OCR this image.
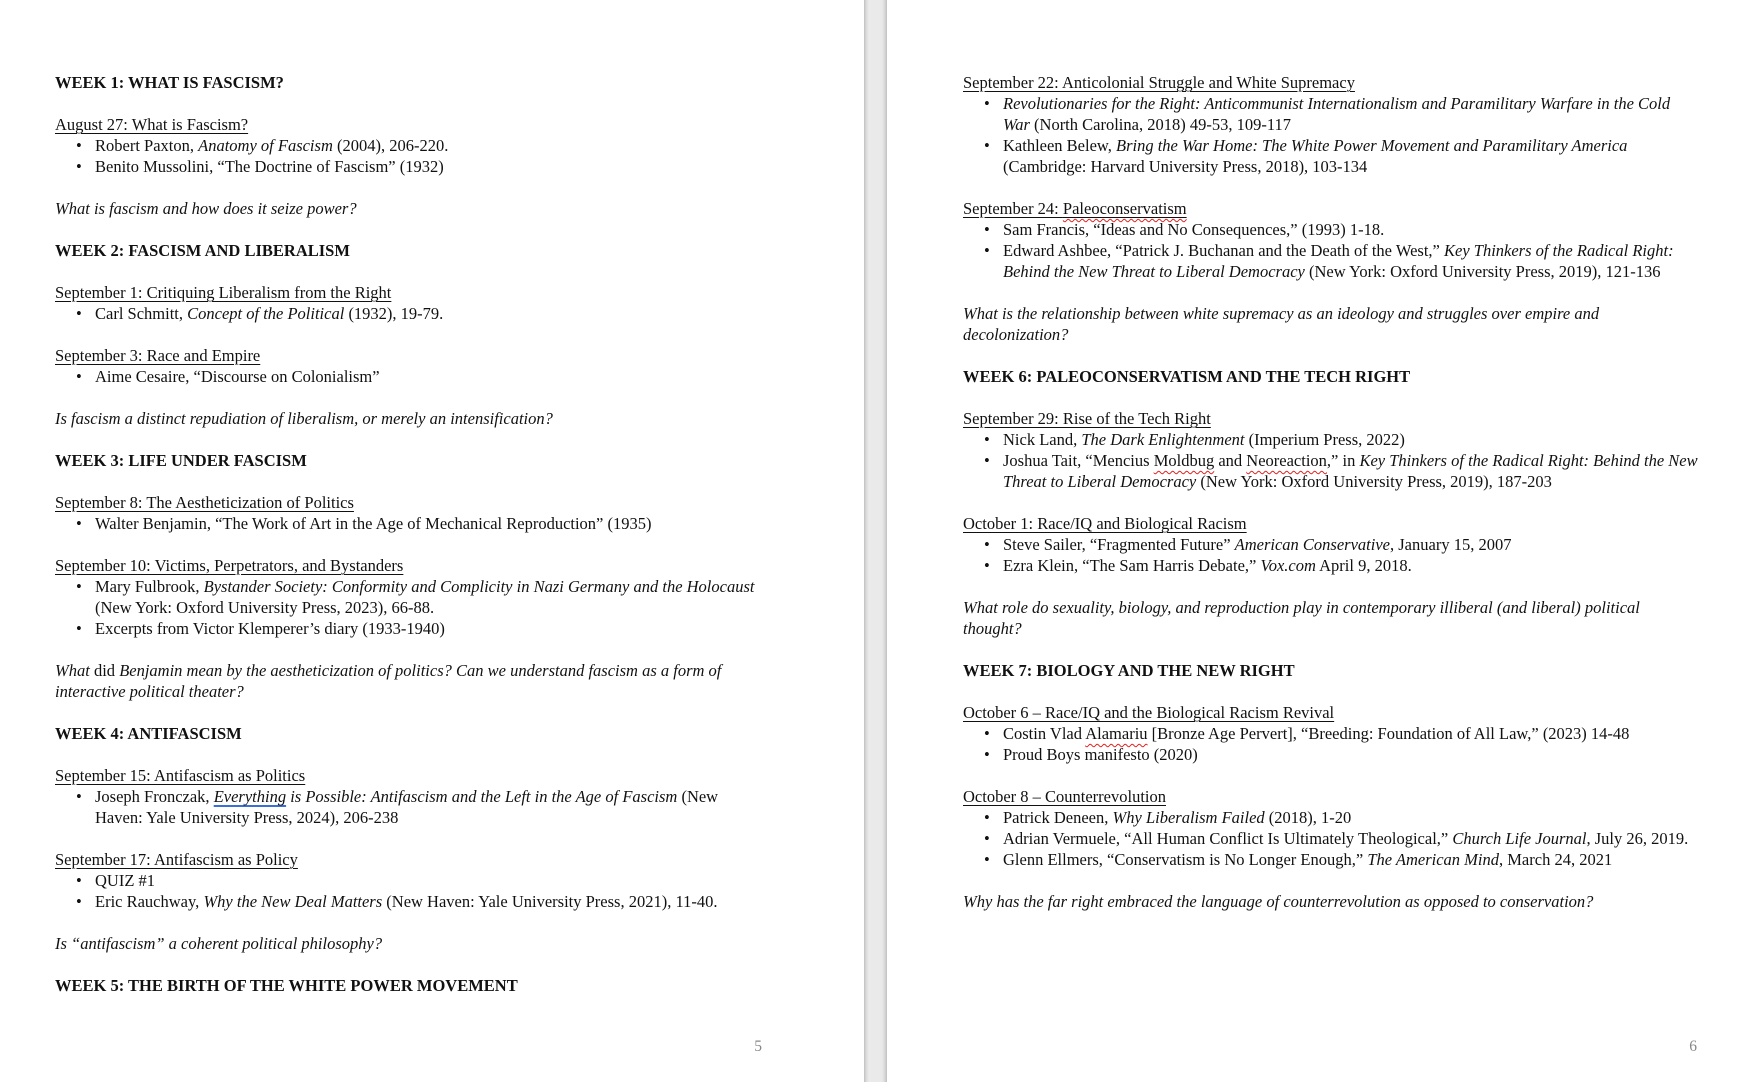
WEEK 1: WHAT IS FASCISM?
August 27: What is Fascism?
• Robert Paxton, Anatomy of Fascism (2004), 206-220.
• Benito Mussolini, “The Doctrine of Fascism” (1932)
What is fascism and how does it seize power?
WEEK 2: FASCISM AND LIBERALISM
September 1: Critiquing Liberalism from the Right
• Carl Schmitt, Concept of the Political (1932), 19-79.
September 3: Race and Empire
• Aime Cesaire, “Discourse on Colonialism”
Is fascism a distinct repudiation of liberalism, or merely an intensification?
WEEK 3: LIFE UNDER FASCISM
September 8: The Aestheticization of Politics
• Walter Benjamin, “The Work of Art in the Age of Mechanical Reproduction” (1935)
September 10: Victims, Perpetrators, and Bystanders
• Mary Fulbrook, Bystander Society: Conformity and Complicity in Nazi Germany and the Holocaust (New York: Oxford University Press, 2023), 66-88.
• Excerpts from Victor Klemperer’s diary (1933-1940)
What did Benjamin mean by the aestheticization of politics? Can we understand fascism as a form of interactive political theater?
WEEK 4: ANTIFASCISM
September 15: Antifascism as Politics
• Joseph Fronczak, Everything is Possible: Antifascism and the Left in the Age of Fascism (New Haven: Yale University Press, 2024), 206-238
September 17: Antifascism as Policy
• QUIZ #1
• Eric Rauchway, Why the New Deal Matters (New Haven: Yale University Press, 2021), 11-40.
Is “antifascism” a coherent political philosophy?
WEEK 5: THE BIRTH OF THE WHITE POWER MOVEMENT
September 22: Anticolonial Struggle and White Supremacy
• Revolutionaries for the Right: Anticommunist Internationalism and Paramilitary Warfare in the Cold War (North Carolina, 2018) 49-53, 109-117
• Kathleen Belew, Bring the War Home: The White Power Movement and Paramilitary America (Cambridge: Harvard University Press, 2018), 103-134
September 24: Paleoconservatism
• Sam Francis, “Ideas and No Consequences,” (1993) 1-18.
• Edward Ashbee, “Patrick J. Buchanan and the Death of the West,” Key Thinkers of the Radical Right: Behind the New Threat to Liberal Democracy (New York: Oxford University Press, 2019), 121-136
What is the relationship between white supremacy as an ideology and struggles over empire and decolonization?
WEEK 6: PALEOCONSERVATISM AND THE TECH RIGHT
September 29: Rise of the Tech Right
• Nick Land, The Dark Enlightenment (Imperium Press, 2022)
• Joshua Tait, “Mencius Moldbug and Neoreaction,” in Key Thinkers of the Radical Right: Behind the New Threat to Liberal Democracy (New York: Oxford University Press, 2019), 187-203
October 1: Race/IQ and Biological Racism
• Steve Sailer, “Fragmented Future” American Conservative, January 15, 2007
• Ezra Klein, “The Sam Harris Debate,” Vox.com April 9, 2018.
What role do sexuality, biology, and reproduction play in contemporary illiberal (and liberal) political thought?
WEEK 7: BIOLOGY AND THE NEW RIGHT
October 6 – Race/IQ and the Biological Racism Revival
• Costin Vlad Alamariu [Bronze Age Pervert], “Breeding: Foundation of All Law,” (2023) 14-48
• Proud Boys manifesto (2020)
October 8 – Counterrevolution
• Patrick Deneen, Why Liberalism Failed (2018), 1-20
• Adrian Vermuele, “All Human Conflict Is Ultimately Theological,” Church Life Journal, July 26, 2019.
• Glenn Ellmers, “Conservatism is No Longer Enough,” The American Mind, March 24, 2021
Why has the far right embraced the language of counterrevolution as opposed to conservation?
5	6
